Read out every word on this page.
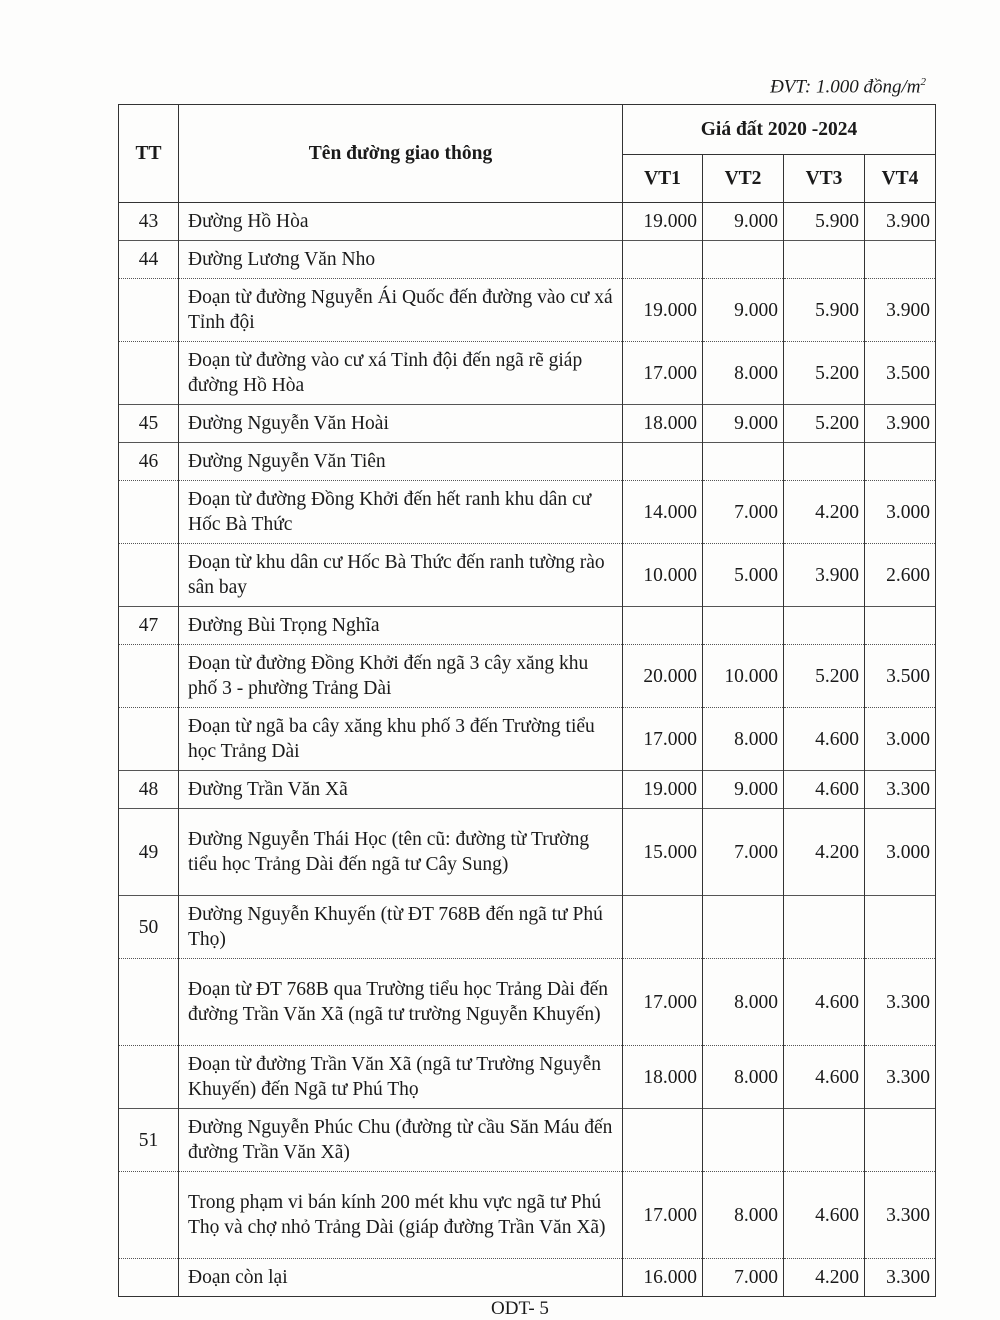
ĐVT: 1.000 đồng/$m^2$
TT	Tên đường giao thông	Giá đất 2020 -2024			
		VT1	VT2	VT3	VT4
43	Đường Hồ Hòa	19.000	9.000	5.900	3.900
44	Đường Lương Văn Nho				
	Đoạn từ đường Nguyễn Ái Quốc đến đường vào cư xá Tỉnh đội	19.000	9.000	5.900	3.900
	Đoạn từ đường vào cư xá Tỉnh đội đến ngã rẽ giáp đường Hồ Hòa	17.000	8.000	5.200	3.500
45	Đường Nguyễn Văn Hoài	18.000	9.000	5.200	3.900
46	Đường Nguyễn Văn Tiên				
	Đoạn từ đường Đồng Khởi đến hết ranh khu dân cư Hốc Bà Thức	14.000	7.000	4.200	3.000
	Đoạn từ khu dân cư Hốc Bà Thức đến ranh tường rào sân bay	10.000	5.000	3.900	2.600
47	Đường Bùi Trọng Nghĩa				
	Đoạn từ đường Đồng Khởi đến ngã 3 cây xăng khu phố 3 - phường Trảng Dài	20.000	10.000	5.200	3.500
	Đoạn từ ngã ba cây xăng khu phố 3 đến Trường tiểu học Trảng Dài	17.000	8.000	4.600	3.000
48	Đường Trần Văn Xã	19.000	9.000	4.600	3.300
49	Đường Nguyễn Thái Học (tên cũ: đường từ Trường tiểu học Trảng Dài đến ngã tư Cây Sung)	15.000	7.000	4.200	3.000
50	Đường Nguyễn Khuyến (từ ĐT 768B đến ngã tư Phú Thọ)				
	Đoạn từ ĐT 768B qua Trường tiểu học Trảng Dài đến đường Trần Văn Xã (ngã tư trường Nguyễn Khuyến)	17.000	8.000	4.600	3.300
	Đoạn từ đường Trần Văn Xã (ngã tư Trường Nguyễn Khuyến) đến Ngã tư Phú Thọ	18.000	8.000	4.600	3.300
51	Đường Nguyễn Phúc Chu (đường từ cầu Săn Máu đến đường Trần Văn Xã)				
	Trong phạm vi bán kính 200 mét khu vực ngã tư Phú Thọ và chợ nhỏ Trảng Dài (giáp đường Trần Văn Xã)	17.000	8.000	4.600	3.300
	Đoạn còn lại	16.000	7.000	4.200	3.300
ODT- 5
